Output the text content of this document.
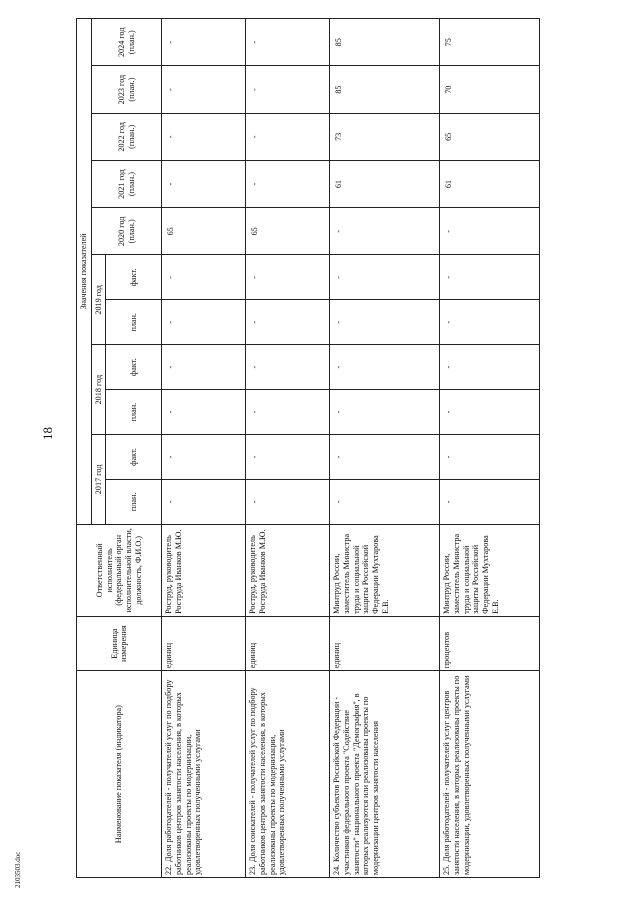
18
2103503.doc
Наименование показателя (индикатора)	Единица измерения	Ответственный исполнитель (федеральный орган исполнительной власти, должность, Ф.И.О.)	Значения показателей										
			2017 год		2018 год		2019 год		2020 год (план.)	2021 год (план.)	2022 год (план.)	2023 год (план.)	2024 год (план.)
			план.	факт.	план.	факт.	план.	факт.					
22.Доля работодателей - получателей услуг по подбору работников центров занятости населения, в которых реализованы проекты по модернизации, удовлетворенных полученными услугами	единиц	Роструд, руководитель Роструда Иванков М.Ю.	-	-	-	-	-	-	65	-	-	-	-
23.Доля соискателей - получателей услуг по подбору работников центров занятости населения, в которых реализованы проекты по модернизации, удовлетворенных полученными услугами	единиц	Роструд, руководитель Роструда Иванков М.Ю.	-	-	-	-	-	-	65	-	-	-	-
24.Количество субъектов Российской Федерации - участников федерального проекта "Содействие занятости" национального проекта "Демография", в которых реализуются или реализованы проекты по модернизации центров занятости населения	единиц	Минтруд России, заместитель Министра труда и социальной защиты Российской Федерации Мухтарова Е.В.	-	-	-	-	-	-	-	61	73	85	85
25.Доля работодателей - получателей услуг центров занятости населения, в которых реализованы проекты по модернизации, удовлетворенных полученными услугами	процентов	Минтруд России, заместитель Министра труда и социальной защиты Российской Федерации Мухтарова Е.В.	-	-	-	-	-	-	-	61	65	70	75
